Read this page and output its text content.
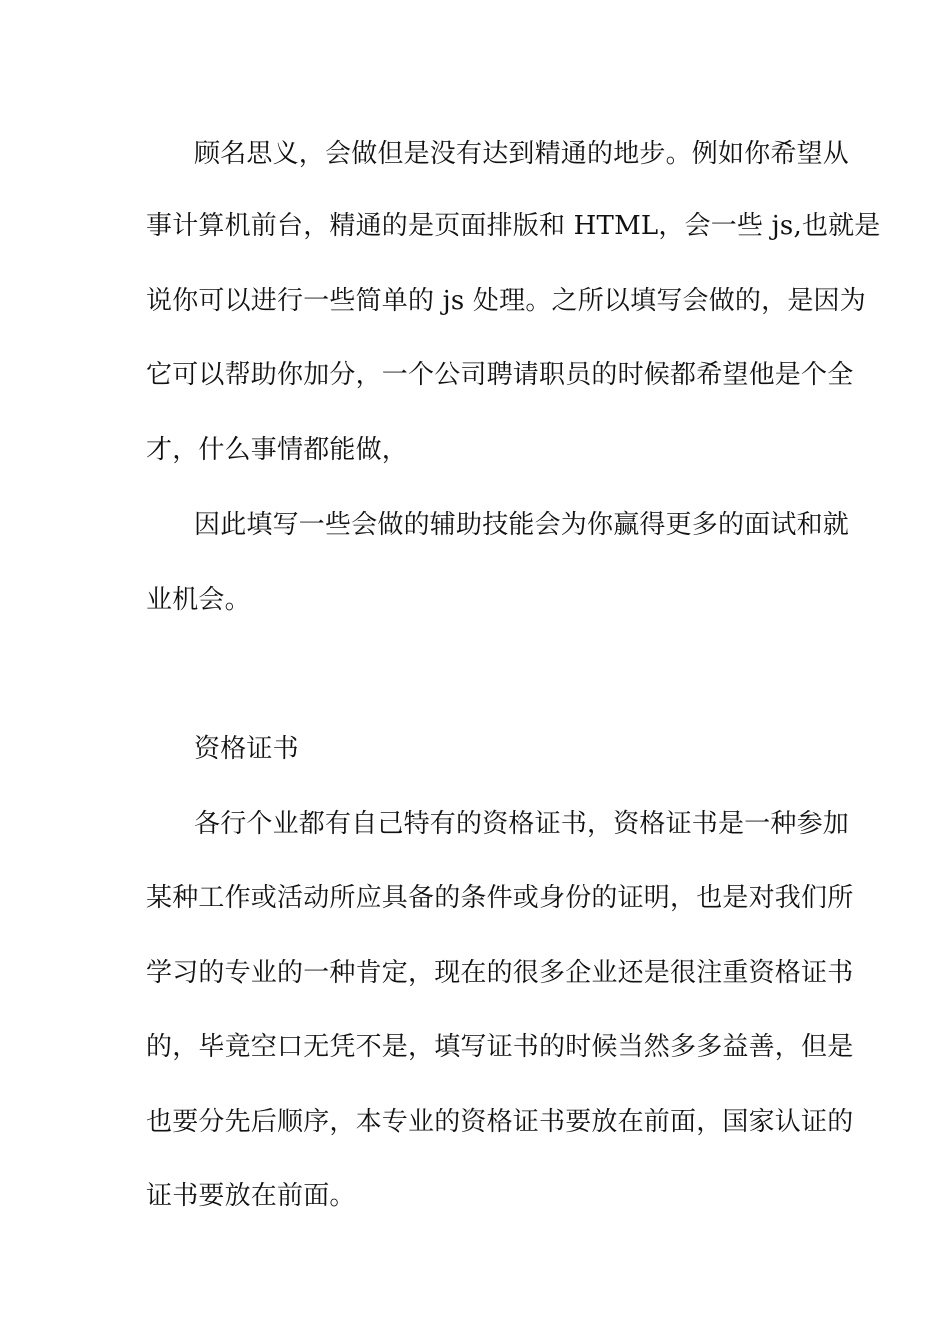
顾名思义，会做但是没有达到精通的地步。例如你希望从
事计算机前台，精通的是页面排版和 HTML，会一些 js,也就是
说你可以进行一些简单的 js 处理。之所以填写会做的，是因为
它可以帮助你加分，一个公司聘请职员的时候都希望他是个全
才，什么事情都能做，
因此填写一些会做的辅助技能会为你赢得更多的面试和就
业机会。
资格证书
各行个业都有自己特有的资格证书，资格证书是一种参加
某种工作或活动所应具备的条件或身份的证明，也是对我们所
学习的专业的一种肯定，现在的很多企业还是很注重资格证书
的，毕竟空口无凭不是，填写证书的时候当然多多益善，但是
也要分先后顺序，本专业的资格证书要放在前面，国家认证的
证书要放在前面。
